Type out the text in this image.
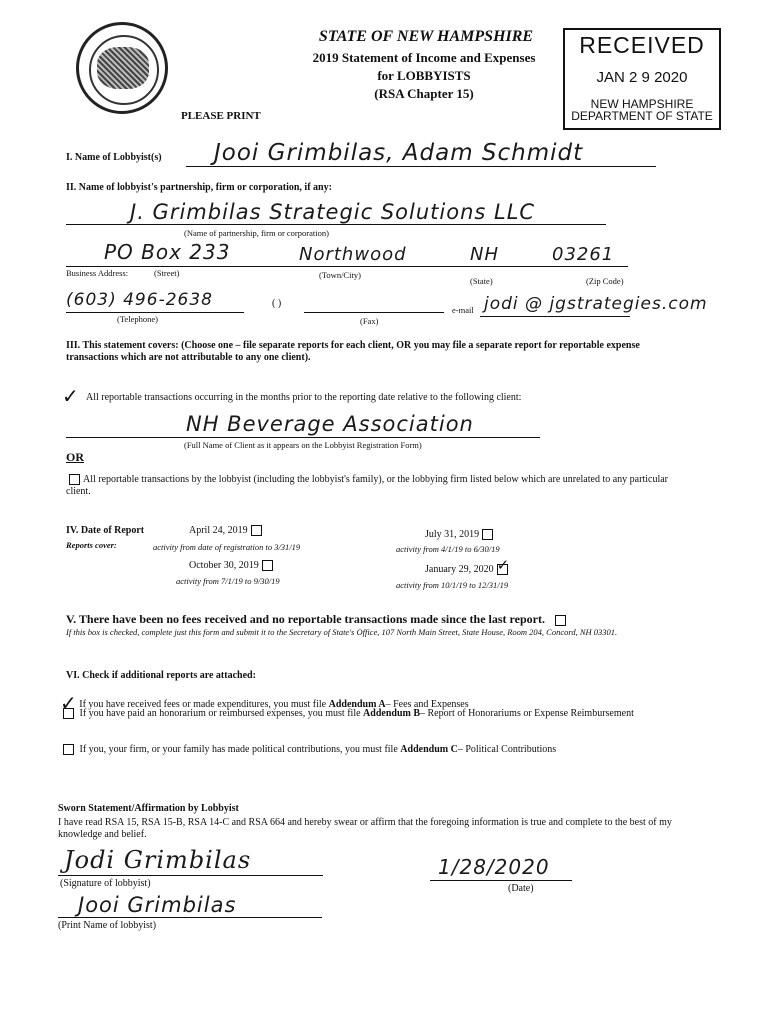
STATE OF NEW HAMPSHIRE
2019 Statement of Income and Expenses
for LOBBYISTS
(RSA Chapter 15)
PLEASE PRINT
RECEIVED
JAN 2 9 2020
NEW HAMPSHIRE
DEPARTMENT OF STATE
I. Name of Lobbyist(s) Jooi Grimbilas, Adam Schmidt
II. Name of lobbyist's partnership, firm or corporation, if any:
J. Grimbilas Strategic Solutions LLC
(Name of partnership, firm or corporation)
PO Box 233	Northwood	NH	03261
Business Address:	(Street)	(Town/City)
(State)	(Zip Code)
(603) 496-2638
(Telephone)
( )
(Fax)
e-mail jodi @ jgstrategies.com
III. This statement covers: (Choose one – file separate reports for each client, OR you may file a separate report for reportable expense transactions which are not attributable to any one client).
✓ All reportable transactions occurring in the months prior to the reporting date relative to the following client:
NH Beverage Association
(Full Name of Client as it appears on the Lobbyist Registration Form)
OR
All reportable transactions by the lobbyist (including the lobbyist's family), or the lobbying firm listed below which are unrelated to any particular client.
IV. Date of Report
Reports cover:
April 24, 2019
activity from date of registration to 3/31/19
July 31, 2019
activity from 4/1/19 to 6/30/19
October 30, 2019
activity from 7/1/19 to 9/30/19
January 29, 2020 ✓
activity from 10/1/19 to 12/31/19
V. There have been no fees received and no reportable transactions made since the last report.
If this box is checked, complete just this form and submit it to the Secretary of State's Office, 107 North Main Street, State House, Room 204, Concord, NH 03301.
VI. Check if additional reports are attached:
✓ If you have received fees or made expenditures, you must file Addendum A– Fees and Expenses
If you have paid an honorarium or reimbursed expenses, you must file Addendum B– Report of Honorariums or Expense Reimbursement
If you, your firm, or your family has made political contributions, you must file Addendum C– Political Contributions
Sworn Statement/Affirmation by Lobbyist
I have read RSA 15, RSA 15-B, RSA 14-C and RSA 664 and hereby swear or affirm that the foregoing information is true and complete to the best of my knowledge and belief.
Jodi Grimbilas
(Signature of lobbyist)
1/28/2020
(Date)
Jooi Grimbilas
(Print Name of lobbyist)
